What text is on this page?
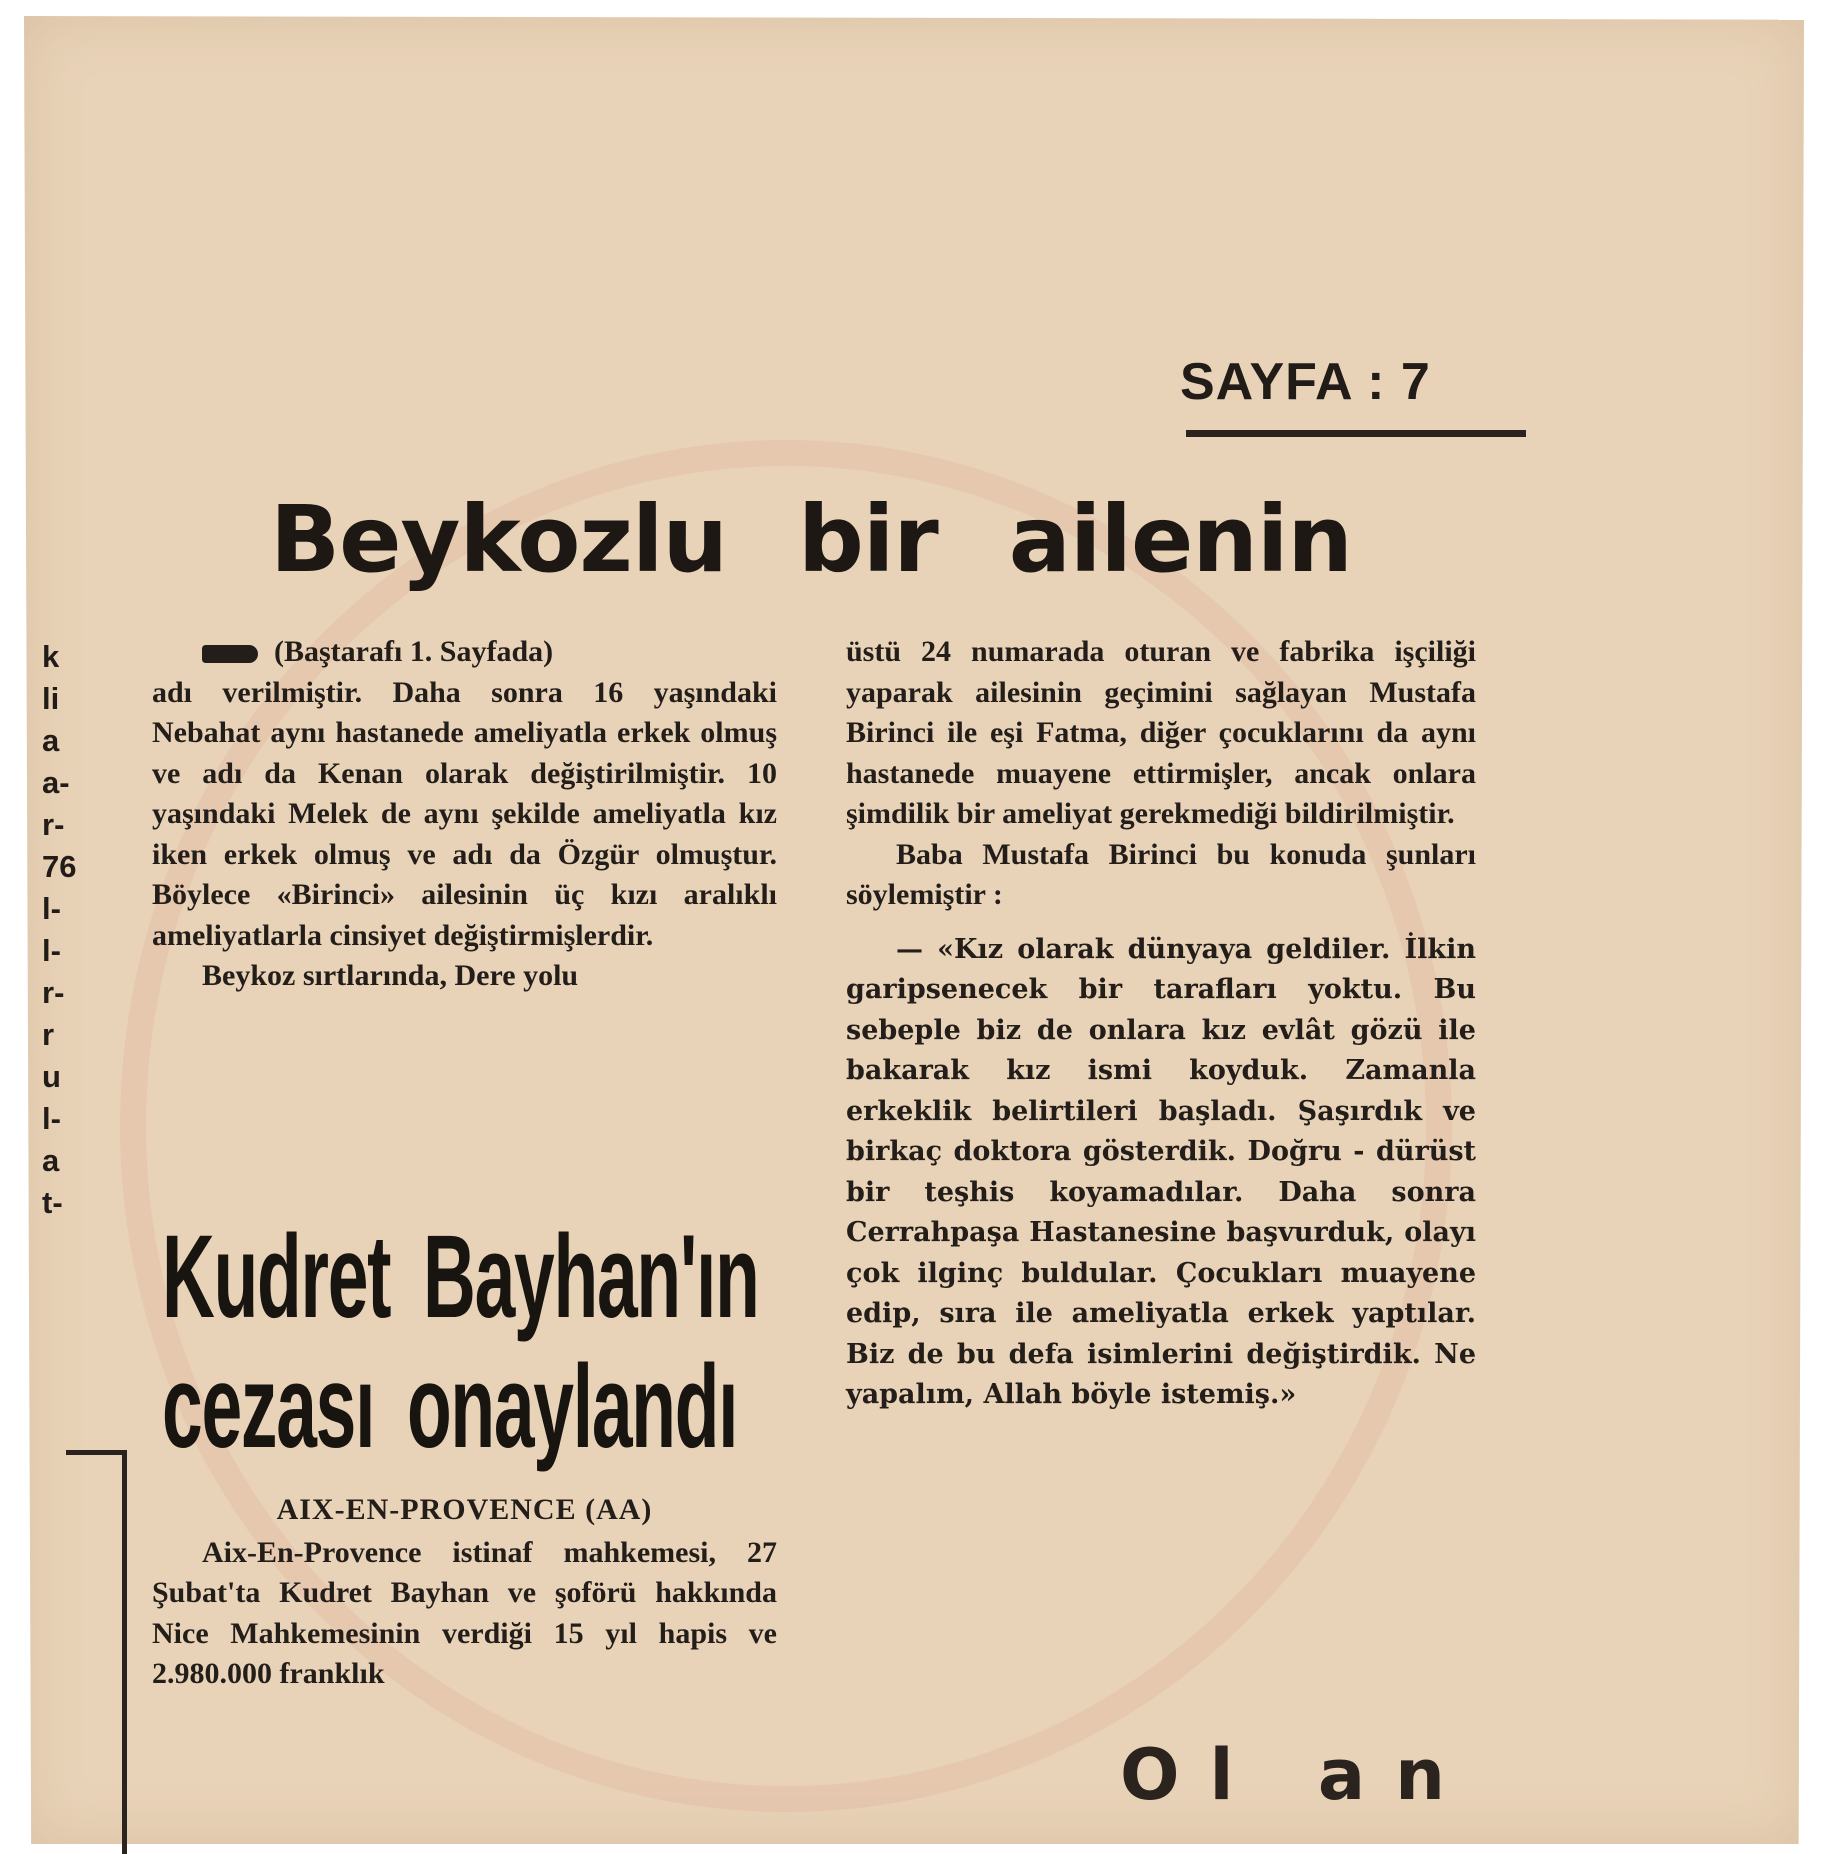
SAYFA : 7
Beykozlu bir ailenin
k
li
a
a-
r-
76
l-
l-
r-
r
u
l-
a
t-

(Baştarafı 1. Sayfada)

adı verilmiştir. Daha sonra 16 yaşındaki Nebahat aynı hastanede ameliyatla erkek olmuş ve adı da Kenan olarak değiştirilmiştir. 10 yaşındaki Melek de aynı şekilde ameliyatla kız iken erkek olmuş ve adı da Özgür olmuştur. Böylece «Birinci» ailesinin üç kızı aralıklı ameliyatlarla cinsiyet değiştirmişlerdir.

Beykoz sırtlarında, Dere yolu

Kudret Bayhan'ın
cezası onaylandı

AIX-EN-PROVENCE (AA)

Aix-En-Provence istinaf mahkemesi, 27 Şubat'ta Kudret Bayhan ve şoförü hakkında Nice Mahkemesinin verdiği 15 yıl hapis ve 2.980.000 franklık

üstü 24 numarada oturan ve fabrika işçiliği yaparak ailesinin geçimini sağlayan Mustafa Birinci ile eşi Fatma, diğer çocuklarını da aynı hastanede muayene ettirmişler, ancak onlara şimdilik bir ameliyat gerekmediği bildirilmiştir.

Baba Mustafa Birinci bu konuda şunları söylemiştir :

— «Kız olarak dünyaya geldiler. İlkin garipsenecek bir tarafları yoktu. Bu sebeple biz de onlara kız evlât gözü ile bakarak kız ismi koyduk. Zamanla erkeklik belirtileri başladı. Şaşırdık ve birkaç doktora gösterdik. Doğru - dürüst bir teşhis koyamadılar. Daha sonra Cerrahpaşa Hastanesine başvurduk, olayı çok ilginç buldular. Çocukları muayene edip, sıra ile ameliyatla erkek yaptılar. Biz de bu defa isimlerini değiştirdik. Ne yapalım, Allah böyle istemiş.»

Ol an
